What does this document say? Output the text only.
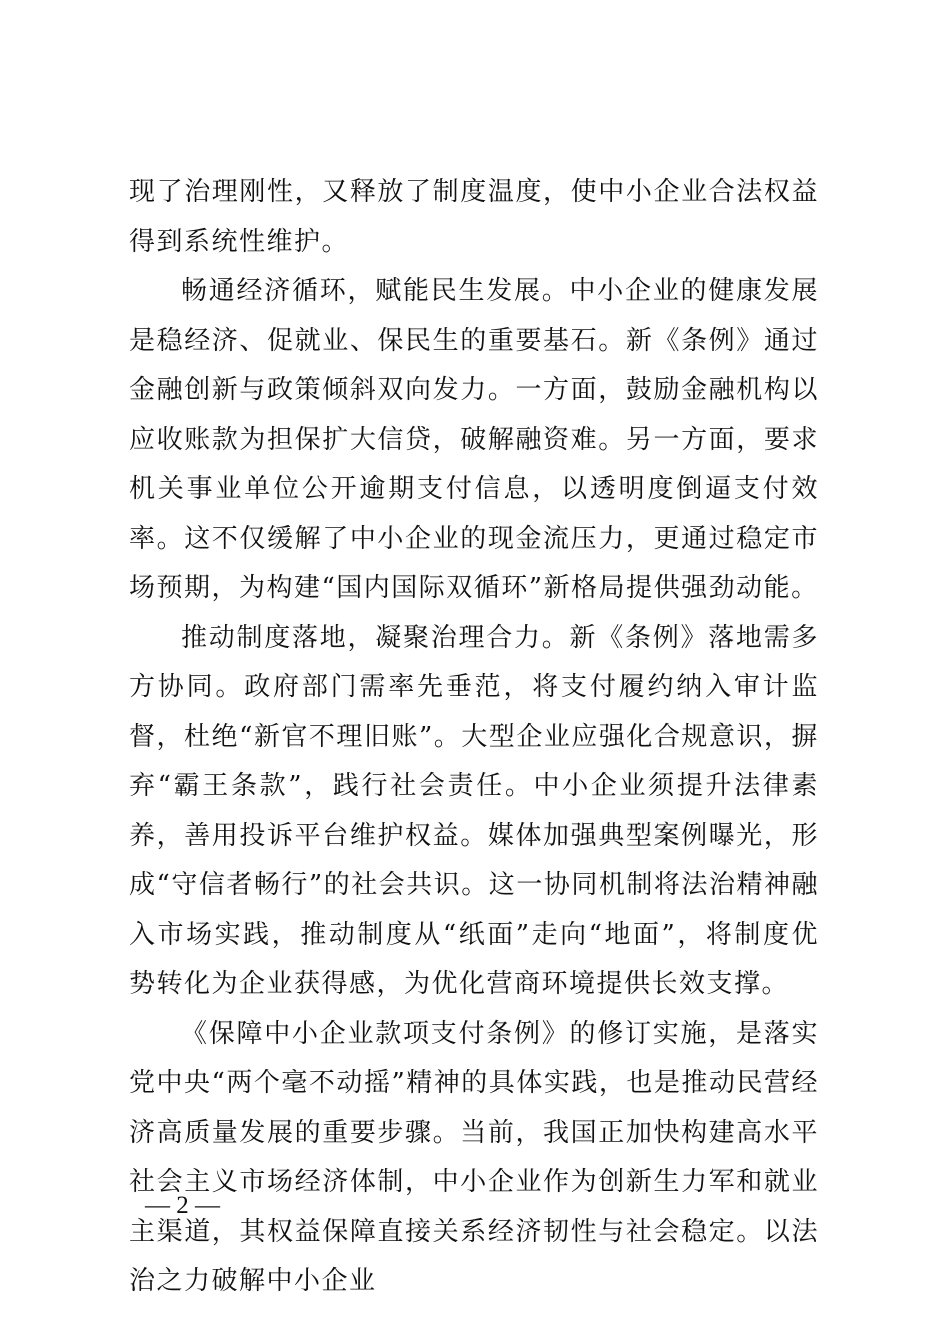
现了治理刚性，又释放了制度温度，使中小企业合法权益得到系统性维护。

畅通经济循环，赋能民生发展。中小企业的健康发展是稳经济、促就业、保民生的重要基石。新《条例》通过金融创新与政策倾斜双向发力。一方面，鼓励金融机构以应收账款为担保扩大信贷，破解融资难。另一方面，要求机关事业单位公开逾期支付信息，以透明度倒逼支付效率。这不仅缓解了中小企业的现金流压力，更通过稳定市场预期，为构建“国内国际双循环”新格局提供强劲动能。

推动制度落地，凝聚治理合力。新《条例》落地需多方协同。政府部门需率先垂范，将支付履约纳入审计监督，杜绝“新官不理旧账”。大型企业应强化合规意识，摒弃“霸王条款”，践行社会责任。中小企业须提升法律素养，善用投诉平台维护权益。媒体加强典型案例曝光，形成“守信者畅行”的社会共识。这一协同机制将法治精神融入市场实践，推动制度从“纸面”走向“地面”，将制度优势转化为企业获得感，为优化营商环境提供长效支撑。

《保障中小企业款项支付条例》的修订实施，是落实党中央“两个毫不动摇”精神的具体实践，也是推动民营经济高质量发展的重要步骤。当前，我国正加快构建高水平社会主义市场经济体制，中小企业作为创新生力军和就业主渠道，其权益保障直接关系经济韧性与社会稳定。以法治之力破解中小企业

— 2 —
